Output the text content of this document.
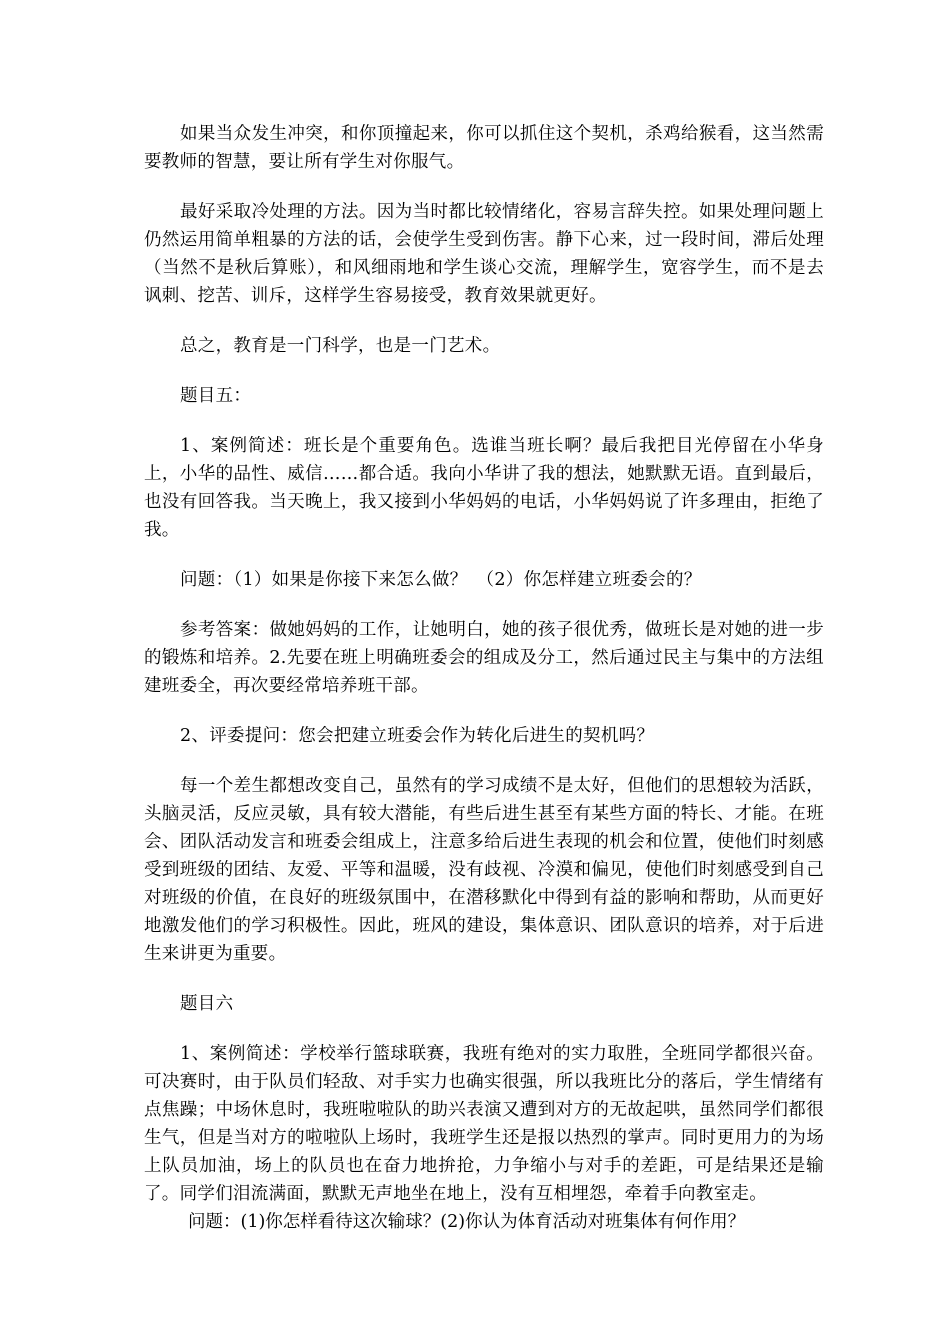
如果当众发生冲突，和你顶撞起来，你可以抓住这个契机，杀鸡给猴看，这当然需要教师的智慧，要让所有学生对你服气。

最好采取冷处理的方法。因为当时都比较情绪化，容易言辞失控。如果处理问题上仍然运用简单粗暴的方法的话，会使学生受到伤害。静下心来，过一段时间，滞后处理（当然不是秋后算账），和风细雨地和学生谈心交流，理解学生，宽容学生，而不是去讽刺、挖苦、训斥，这样学生容易接受，教育效果就更好。

总之，教育是一门科学，也是一门艺术。

题目五：

1、案例简述：班长是个重要角色。选谁当班长啊？最后我把目光停留在小华身上，小华的品性、威信……都合适。我向小华讲了我的想法，她默默无语。直到最后，也没有回答我。当天晚上，我又接到小华妈妈的电话，小华妈妈说了许多理由，拒绝了我。

问题：（1）如果是你接下来怎么做？　（2）你怎样建立班委会的？

参考答案：做她妈妈的工作，让她明白，她的孩子很优秀，做班长是对她的进一步的锻炼和培养。2.先要在班上明确班委会的组成及分工，然后通过民主与集中的方法组建班委全，再次要经常培养班干部。

2、评委提问：您会把建立班委会作为转化后进生的契机吗？

每一个差生都想改变自己，虽然有的学习成绩不是太好，但他们的思想较为活跃，头脑灵活，反应灵敏，具有较大潜能，有些后进生甚至有某些方面的特长、才能。在班会、团队活动发言和班委会组成上，注意多给后进生表现的机会和位置，使他们时刻感受到班级的团结、友爱、平等和温暖，没有歧视、冷漠和偏见，使他们时刻感受到自己对班级的价值，在良好的班级氛围中，在潜移默化中得到有益的影响和帮助，从而更好地激发他们的学习积极性。因此，班风的建设，集体意识、团队意识的培养，对于后进生来讲更为重要。

题目六

1、案例简述：学校举行篮球联赛，我班有绝对的实力取胜，全班同学都很兴奋。可决赛时，由于队员们轻敌、对手实力也确实很强，所以我班比分的落后，学生情绪有点焦躁；中场休息时，我班啦啦队的助兴表演又遭到对方的无故起哄，虽然同学们都很生气，但是当对方的啦啦队上场时，我班学生还是报以热烈的掌声。同时更用力的为场上队员加油，场上的队员也在奋力地拚抢，力争缩小与对手的差距，可是结果还是输了。同学们泪流满面，默默无声地坐在地上，没有互相埋怨，牵着手向教室走。

问题：(1)你怎样看待这次输球？(2)你认为体育活动对班集体有何作用？
